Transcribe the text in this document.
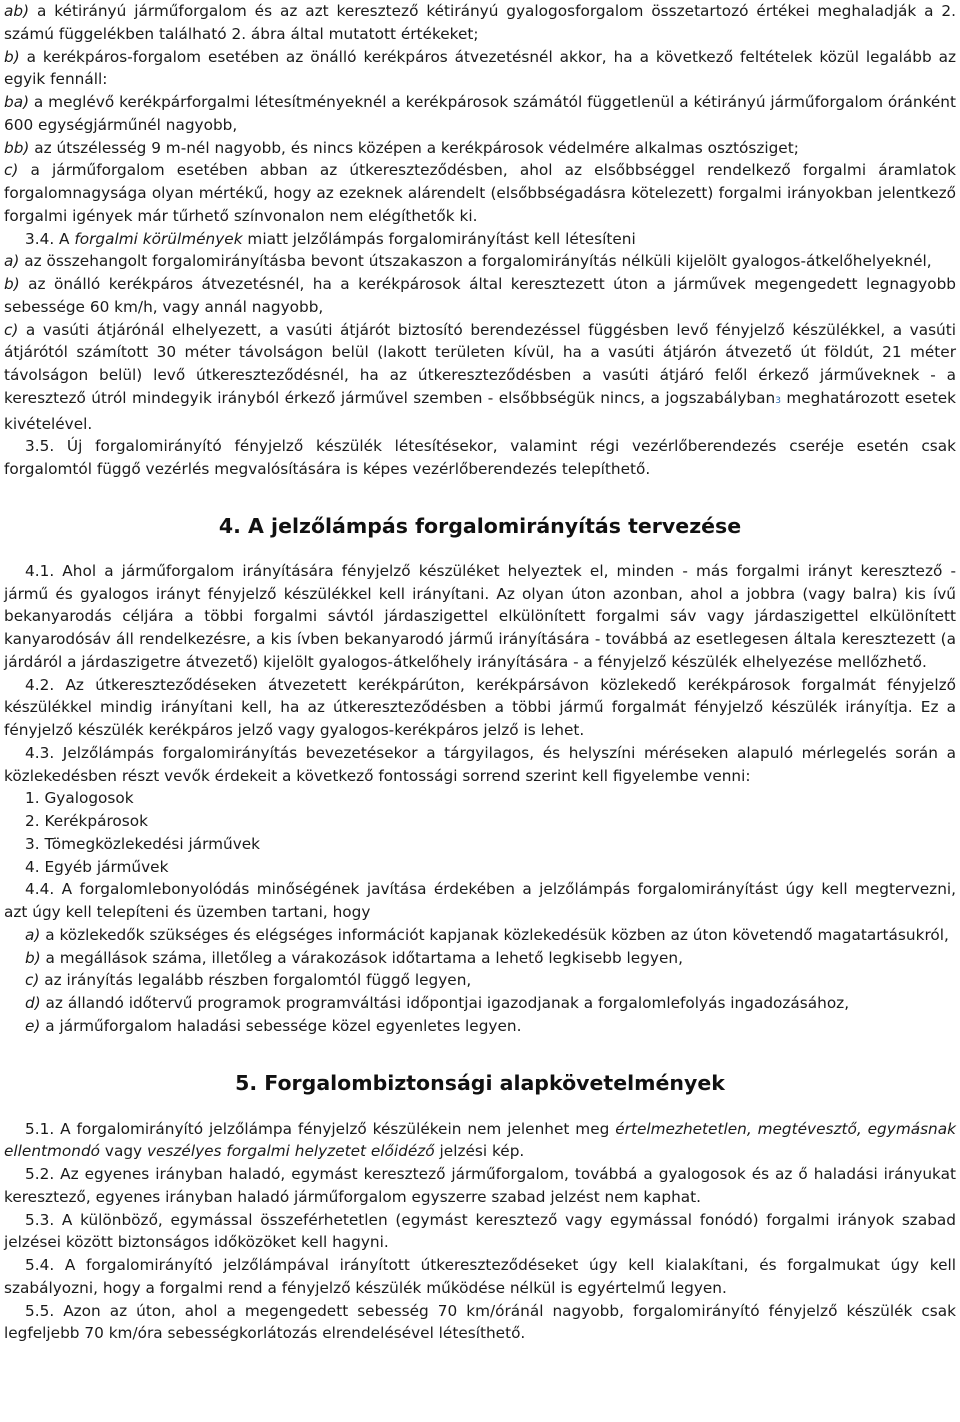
ab) a kétirányú járműforgalom és az azt keresztező kétirányú gyalogosforgalom összetartozó értékei meghaladják a 2. számú függelékben található 2. ábra által mutatott értékeket;

b) a kerékpáros-forgalom esetében az önálló kerékpáros átvezetésnél akkor, ha a következő feltételek közül legalább az egyik fennáll:

ba) a meglévő kerékpárforgalmi létesítményeknél a kerékpárosok számától függetlenül a kétirányú járműforgalom óránként 600 egységjárműnél nagyobb,

bb) az útszélesség 9 m-nél nagyobb, és nincs középen a kerékpárosok védelmére alkalmas osztósziget;

c) a járműforgalom esetében abban az útkereszteződésben, ahol az elsőbbséggel rendelkező forgalmi áramlatok forgalomnagysága olyan mértékű, hogy az ezeknek alárendelt (elsőbbségadásra kötelezett) forgalmi irányokban jelentkező forgalmi igények már tűrhető színvonalon nem elégíthetők ki.

3.4. A forgalmi körülmények miatt jelzőlámpás forgalomirányítást kell létesíteni

a) az összehangolt forgalomirányításba bevont útszakaszon a forgalomirányítás nélküli kijelölt gyalogos-átkelőhelyeknél,

b) az önálló kerékpáros átvezetésnél, ha a kerékpárosok által keresztezett úton a járművek megengedett legnagyobb sebessége 60 km/h, vagy annál nagyobb,

c) a vasúti átjárónál elhelyezett, a vasúti átjárót biztosító berendezéssel függésben levő fényjelző készülékkel, a vasúti átjárótól számított 30 méter távolságon belül (lakott területen kívül, ha a vasúti átjárón átvezető út földút, 21 méter távolságon belül) levő útkereszteződésnél, ha az útkereszteződésben a vasúti átjáró felől érkező járműveknek - a keresztező útról mindegyik irányból érkező járművel szemben - elsőbbségük nincs, a jogszabályban3 meghatározott esetek kivételével.

3.5. Új forgalomirányító fényjelző készülék létesítésekor, valamint régi vezérlőberendezés cseréje esetén csak forgalomtól függő vezérlés megvalósítására is képes vezérlőberendezés telepíthető.

4. A jelzőlámpás forgalomirányítás tervezése

4.1. Ahol a járműforgalom irányítására fényjelző készüléket helyeztek el, minden - más forgalmi irányt keresztező - jármű és gyalogos irányt fényjelző készülékkel kell irányítani. Az olyan úton azonban, ahol a jobbra (vagy balra) kis ívű bekanyarodás céljára a többi forgalmi sávtól járdaszigettel elkülönített forgalmi sáv vagy járdaszigettel elkülönített kanyarodósáv áll rendelkezésre, a kis ívben bekanyarodó jármű irányítására - továbbá az esetlegesen általa keresztezett (a járdáról a járdaszigetre átvezető) kijelölt gyalogos-átkelőhely irányítására - a fényjelző készülék elhelyezése mellőzhető.

4.2. Az útkereszteződéseken átvezetett kerékpárúton, kerékpársávon közlekedő kerékpárosok forgalmát fényjelző készülékkel mindig irányítani kell, ha az útkereszteződésben a többi jármű forgalmát fényjelző készülék irányítja. Ez a fényjelző készülék kerékpáros jelző vagy gyalogos-kerékpáros jelző is lehet.

4.3. Jelzőlámpás forgalomirányítás bevezetésekor a tárgyilagos, és helyszíni méréseken alapuló mérlegelés során a közlekedésben részt vevők érdekeit a következő fontossági sorrend szerint kell figyelembe venni:

1. Gyalogosok

2. Kerékpárosok

3. Tömegközlekedési járművek

4. Egyéb járművek

4.4. A forgalomlebonyolódás minőségének javítása érdekében a jelzőlámpás forgalomirányítást úgy kell megtervezni, azt úgy kell telepíteni és üzemben tartani, hogy

a) a közlekedők szükséges és elégséges információt kapjanak közlekedésük közben az úton követendő magatartásukról,

b) a megállások száma, illetőleg a várakozások időtartama a lehető legkisebb legyen,

c) az irányítás legalább részben forgalomtól függő legyen,

d) az állandó időtervű programok programváltási időpontjai igazodjanak a forgalomlefolyás ingadozásához,

e) a járműforgalom haladási sebessége közel egyenletes legyen.

5. Forgalombiztonsági alapkövetelmények

5.1. A forgalomirányító jelzőlámpa fényjelző készülékein nem jelenhet meg értelmezhetetlen, megtévesztő, egymásnak ellentmondó vagy veszélyes forgalmi helyzetet előidéző jelzési kép.

5.2. Az egyenes irányban haladó, egymást keresztező járműforgalom, továbbá a gyalogosok és az ő haladási irányukat keresztező, egyenes irányban haladó járműforgalom egyszerre szabad jelzést nem kaphat.

5.3. A különböző, egymással összeférhetetlen (egymást keresztező vagy egymással fonódó) forgalmi irányok szabad jelzései között biztonságos időközöket kell hagyni.

5.4. A forgalomirányító jelzőlámpával irányított útkereszteződéseket úgy kell kialakítani, és forgalmukat úgy kell szabályozni, hogy a forgalmi rend a fényjelző készülék működése nélkül is egyértelmű legyen.

5.5. Azon az úton, ahol a megengedett sebesség 70 km/óránál nagyobb, forgalomirányító fényjelző készülék csak legfeljebb 70 km/óra sebességkorlátozás elrendelésével létesíthető.
